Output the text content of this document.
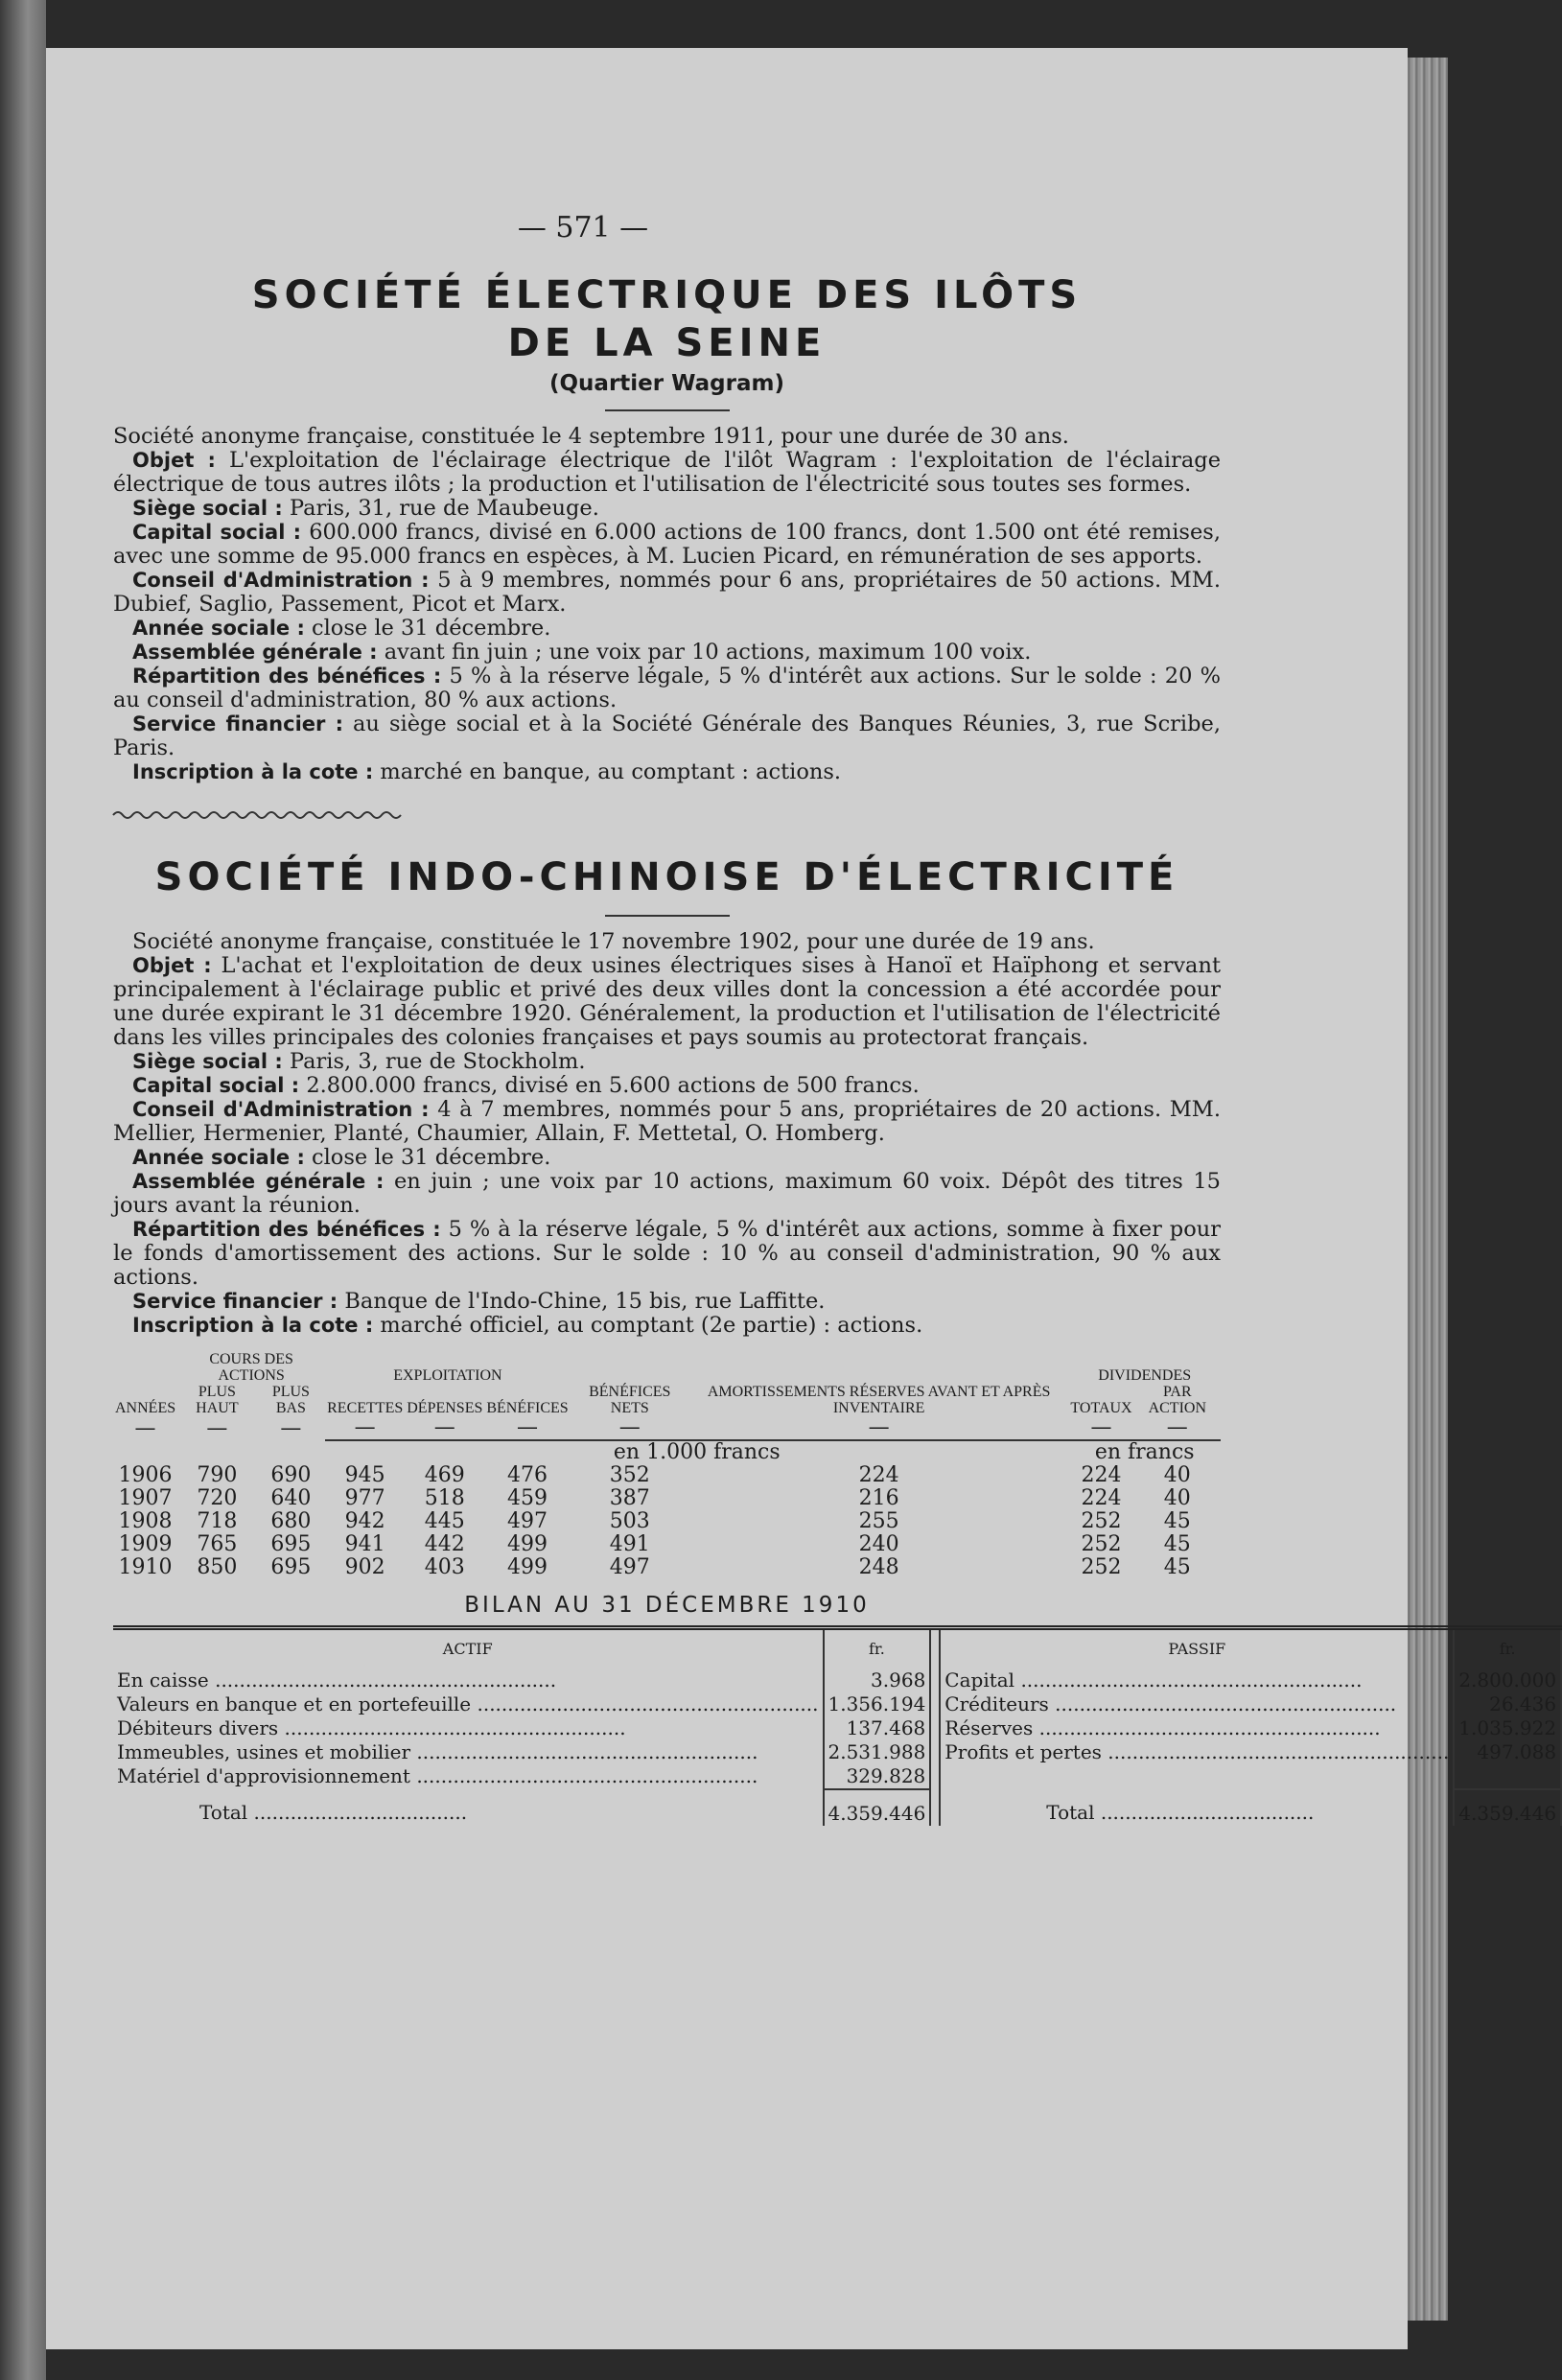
— 571 —
SOCIÉTÉ ÉLECTRIQUE DES ILÔTS
DE LA SEINE
(Quartier Wagram)

Société anonyme française, constituée le 4 septembre 1911, pour une durée de 30 ans.

Objet : L'exploitation de l'éclairage électrique de l'ilôt Wagram : l'exploitation de l'éclairage électrique de tous autres ilôts ; la production et l'utilisation de l'électricité sous toutes ses formes.

Siège social : Paris, 31, rue de Maubeuge.

Capital social : 600.000 francs, divisé en 6.000 actions de 100 francs, dont 1.500 ont été remises, avec une somme de 95.000 francs en espèces, à M. Lucien Picard, en rémunération de ses apports.

Conseil d'Administration : 5 à 9 membres, nommés pour 6 ans, propriétaires de 50 actions. MM. Dubief, Saglio, Passement, Picot et Marx.

Année sociale : close le 31 décembre.

Assemblée générale : avant fin juin ; une voix par 10 actions, maximum 100 voix.

Répartition des bénéfices : 5 % à la réserve légale, 5 % d'intérêt aux actions. Sur le solde : 20 % au conseil d'administration, 80 % aux actions.

Service financier : au siège social et à la Société Générale des Banques Réunies, 3, rue Scribe, Paris.

Inscription à la cote : marché en banque, au comptant : actions.

SOCIÉTÉ INDO-CHINOISE D'ÉLECTRICITÉ

Société anonyme française, constituée le 17 novembre 1902, pour une durée de 19 ans.

Objet : L'achat et l'exploitation de deux usines électriques sises à Hanoï et Haïphong et servant principalement à l'éclairage public et privé des deux villes dont la concession a été accordée pour une durée expirant le 31 décembre 1920. Généralement, la production et l'utilisation de l'électricité dans les villes principales des colonies françaises et pays soumis au protectorat français.

Siège social : Paris, 3, rue de Stockholm.

Capital social : 2.800.000 francs, divisé en 5.600 actions de 500 francs.

Conseil d'Administration : 4 à 7 membres, nommés pour 5 ans, propriétaires de 20 actions. MM. Mellier, Hermenier, Planté, Chaumier, Allain, F. Mettetal, O. Homberg.

Année sociale : close le 31 décembre.

Assemblée générale : en juin ; une voix par 10 actions, maximum 60 voix. Dépôt des titres 15 jours avant la réunion.

Répartition des bénéfices : 5 % à la réserve légale, 5 % d'intérêt aux actions, somme à fixer pour le fonds d'amortissement des actions. Sur le solde : 10 % au conseil d'administration, 90 % aux actions.

Service financier : Banque de l'Indo-Chine, 15 bis, rue Laffitte.

Inscription à la cote : marché officiel, au comptant (2e partie) : actions.

ANNÉES	COURS DES ACTIONS		EXPLOITATION			BÉNÉFICES NETS	AMORTISSEMENTS RÉSERVES AVANT ET APRÈS INVENTAIRE	DIVIDENDES	
	PLUS HAUT	PLUS BAS	RECETTES	DÉPENSES	BÉNÉFICES			TOTAUX	PAR ACTION
—	—	—	—	—	—	—	—	—	—
			en 1.000 francs					en francs	
1906	790	690	945	469	476	352	224	224	40
1907	720	640	977	518	459	387	216	224	40
1908	718	680	942	445	497	503	255	252	45
1909	765	695	941	442	499	491	240	252	45
1910	850	695	902	403	499	497	248	252	45
BILAN AU 31 DÉCEMBRE 1910
ACTIF	fr.		PASSIF	fr.
En caisse ........................................................	3.968		Capital ........................................................	2.800.000
Valeurs en banque et en portefeuille ........................................................	1.356.194		Créditeurs ........................................................	26.436
Débiteurs divers ........................................................	137.468		Réserves ........................................................	1.035.922
Immeubles, usines et mobilier ........................................................	2.531.988		Profits et pertes ........................................................	497.088
Matériel d'approvisionnement ........................................................	329.828			
Total ...................................	4.359.446		Total ...................................	4.359.446
